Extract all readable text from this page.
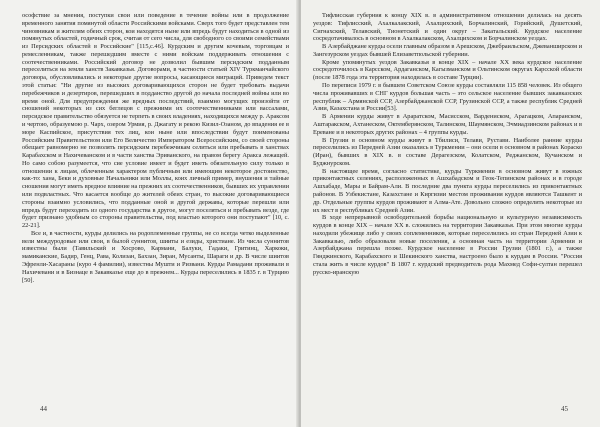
ософствие за мнения, поступки свои или поведение в течение войны или в продолжение временного занятия помянутой области Российскими войсками. Сверх того будет представлен тем чиновникам и жителям обеих сторон, кои находятся ныне или впредь будут находиться в одной из помянутых областей, годичный срок, считая от сего числа, для свободного со своими семействами из Персидских областей в Российские" [115,с.46]. Курдским и другим кочевым, торговцам и ремесленникам, также перешедшим вместе с ними войскам поддерживать отношения с соотечественниками. Российский договор не дозволил бывшим персидским подданным переселиться на земли ханств Закавказья. Договорами, в частности статьей XIV Туркманчайского договора, обусловливались и некоторые другие вопросы, касающиеся миграций. Приведем текст этой статьи: "Ни другие из высоких договаривающихся сторон не будет требовать выдачи перебежчиков и дезертиров, перешедших в подданство другой до начала последней войны или во время оной. Для предупреждения же вредных последствий, взаимно могущих произойти от сношений некоторых из сих беглецов с прежними их соотечественниками или вассалами, персидское правительство обязуется не терпеть в своих владениях, находящихся между р. Араксом и чертою, образуемою р. Чарх, озером Урмия, р. Джагату и рекою Кизил-Озаном, до впадения ее в море Каспийское, присутствия тех лиц, кои ныне или впоследствии будут поименованы Российским Правительством или Его Величество Императором Всероссийским, со своей стороны обещает равномерно не позволять персидским перебежчикам селиться или пребывать в ханствах Карабахском и Нахичеванском и в части ханства Эриванского, на правом берегу Аракса лежащей. Но само собою разумеется, что сие условие имеет и будет иметь обязательную силу только в отношении к лицам, облеченным характером публичным или имеющим некоторое достоинство, как-то: хана, Беки и духовные Начальники или Моллы, коих личный пример, внушения и тайные сношения могут иметь вредное влияние на прежних их соотечественников, бывших их управлении или подвластных. Что касается вообще до жителей обеих стран, то высокие договаривающиеся стороны взаимно условились, что подданные оной и другой державы, которые перешли или впредь будут переходить из одного государства в другое, могут поселяться и пребывать везде, где будет признано удобным со стороны правительства, под властью которого они поступают" [10, с. 22-21].

Все и, в частности, курды делились на родоплеменные группы, не со всегда четко выделенные вели междуродовые или свои, в былой суннитов, шииты и езиды, христиане. Из числа суннитов известны были (Тавильский и Хосрово, Кармани, Балуки, Гадаки, Гритинц, Харкоки, мамиканские, Бадир, Генц, Рава, Колизан, Бахзан, Зиран, Мусанты, Шараги и др. В числе шиитов Эфренли-Хасараны (куро 4 фамилии), известны Мушти и Ризвани. Курды Рамадани проживали в Нахичевани и в Бизнаце в Закавказье еще до в прежнем... Курды переселились в 1835 г. в Турцию [50].

44

Тифлисская губерния к концу XIX в. в административном отношении делилась на десять уездов: Тифлисский, Ахалкалакский, Ахалцихский, Борчалинский, Горийский, Душетский, Сигнахский, Телавский, Тионетский и один округ – Закатальский. Курдское население сосредотачивалось в основном в Ахалкалакском, Ахалцихском и Борчалинском уездах.

В Азербайджане курды осели главным образом в Арешском, Джебраильском, Джеванширском и Зангезурском уездах бывшей Елизаветпольской губернии.

Кроме упомянутых уездов Закавказья в конце XIX – начале XX века курдское население сосредоточилось в Карсском, Ардаганском, Кагызманском и Ольтинском округах Карсской области (после 1878 года эта территория находилась в составе Турции).

По переписи 1979 г. в бывшем Советском Союзе курды составляли 115 858 человек. Из общего числа проживавших в СНГ курдов большая часть – это сельское население бывших закавказских республик – Армянской ССР, Азербайджанской ССР, Грузинской ССР, а также республик Средней Азии, Казахстана и России[53].

В Армении курды живут в Араратском, Масисском, Вардениском, Арагацком, Апаранском, Аштаракском, Ахтанеском, Октемберянском, Талинском, Шаумянском, Эчмиадзинском районах и в Ереване и в некоторых других районах – 4 группы курды.

В Грузии в основном курды живут в Тбилиси, Телави, Рустави. Наиболее ранние курды переселились из Передней Азии оказались в Туркмении – они осели в основном в районах Кораско (Иран), бывших в XIX в. в составе Дерагезском, Колатском, Реджанском, Кучанском и Буджнурском.

В настоящее время, согласно статистике, курды Туркмении в основном живут в южных приконтактных селениях, расположенных в Ашхабадском и Геок-Тепинском районах и в городе Ашхабаде, Мары и Байрам-Али. В последние два пункта курды переселились из приконтактных районов. В Узбекистане, Казахстане и Киргизии местом проживания курдов являются Ташкент и др. Отдельные группы курдов проживают в Алма-Ате. Довольно сложно определить некоторые из их мест в республиках Средней Азии.

В ходе непрерывной освободительной борьбы национальную и культурную независимость курдов в конце XIX – начале XX в. сложились на территории Закавказья. При этом многие курды находили убежище либо у своих соплеменников, которые переселились из стран Передней Азии к Закавказью, либо образовали новые поселения, а основная часть на территории Армении и Азербайджана перешла позже. Курдское население в России Грузии (1801 г.), а также Гянджинского, Карабахского и Шекинского ханства, настроено было к курдам в России. "Россия стала жить в числе курдов" В 1807 г. курдский предводитель рода Махмед Софи-султан перешел русско-иранскую

45
